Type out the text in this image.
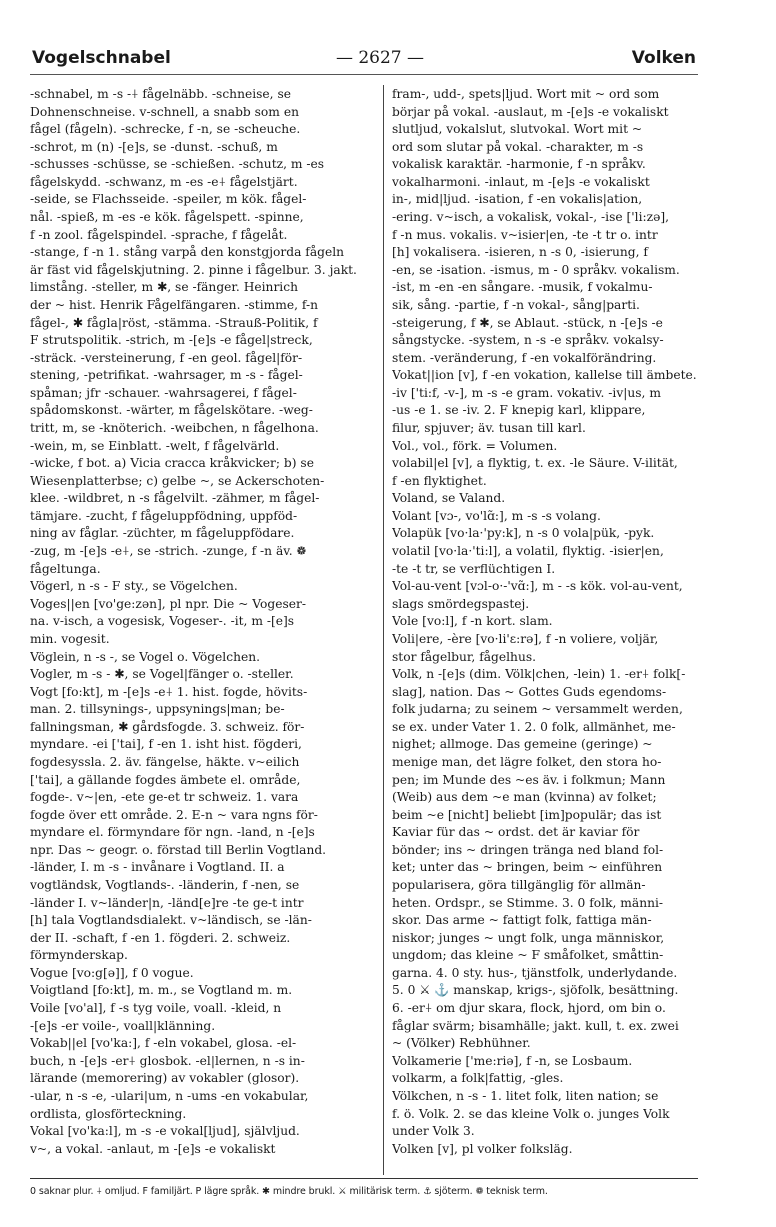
Vogelschnabel	— 2627 —	Volken
-schnabel, m -s -⍭ fågelnäbb. -schneise, se
Dohnenschneise. v-schnell, a snabb som en
fågel (fågeln). -schrecke, f -n, se -scheuche.
-schrot, m (n) -[e]s, se -dunst. -schuß, m
-schusses -schüsse, se -schießen. -schutz, m -es
fågelskydd. -schwanz, m -es -e⍭ fågelstjärt.
-seide, se Flachsseide. -speiler, m kök. fågel-
nål. -spieß, m -es -e kök. fågelspett. -spinne,
f -n zool. fågelspindel. -sprache, f fågelåt.
-stange, f -n 1. stång varpå den konstgjorda fågeln
är fäst vid fågelskjutning. 2. pinne i fågelbur. 3. jakt.
limstång. -steller, m ✱, se -fänger. Heinrich
der ~ hist. Henrik Fågelfängaren. -stimme, f-n
fågel-, ✱ fågla|röst, -stämma. -Strauß-Politik, f
F strutspolitik. -strich, m -[e]s -e fågel|streck,
-sträck. -versteinerung, f -en geol. fågel|för-
stening, -petrifikat. -wahrsager, m -s - fågel-
spåman; jfr -schauer. -wahrsagerei, f fågel-
spådomskonst. -wärter, m fågelskötare. -weg-
tritt, m, se -knöterich. -weibchen, n fågelhona.
-wein, m, se Einblatt. -welt, f fågelvärld.
-wicke, f bot. a) Vicia cracca kråkvicker; b) se
Wiesenplatterbse; c) gelbe ~, se Ackerschoten-
klee. -wildbret, n -s fågelvilt. -zähmer, m fågel-
tämjare. -zucht, f fågeluppfödning, uppföd-
ning av fåglar. -züchter, m fågeluppfödare.
-zug, m -[e]s -e⍭, se -strich. -zunge, f -n äv. ❁
fågeltunga.
Vögerl, n -s - F sty., se Vögelchen.
Voges||en [vo'ge:zən], pl npr. Die ~ Vogeser-
na. v-isch, a vogesisk, Vogeser-. -it, m -[e]s
min. vogesit.
Vöglein, n -s -, se Vogel o. Vögelchen.
Vogler, m -s - ✱, se Vogel|fänger o. -steller.
Vogt [fo:kt], m -[e]s -e⍭ 1. hist. fogde, hövits-
man. 2. tillsynings-, uppsynings|man; be-
fallningsman, ✱ gårdsfogde. 3. schweiz. för-
myndare. -ei ['tai], f -en 1. isht hist. fögderi,
fogdesyssla. 2. äv. fängelse, häkte. v~eilich
['tai], a gällande fogdes ämbete el. område,
fogde-. v~|en, -ete ge-et tr schweiz. 1. vara
fogde över ett område. 2. E-n ~ vara ngns för-
myndare el. förmyndare för ngn. -land, n -[e]s
npr. Das ~ geogr. o. förstad till Berlin Vogtland.
-länder, I. m -s - invånare i Vogtland. II. a
vogtländsk, Vogtlands-. -länderin, f -nen, se
-länder I. v~länder|n, -länd[e]re -te ge-t intr
[h] tala Vogtlandsdialekt. v~ländisch, se -län-
der II. -schaft, f -en 1. fögderi. 2. schweiz.
förmynderskap.
Vogue [vo:g[ə]], f 0 vogue.
Voigtland [fo:kt], m. m., se Vogtland m. m.
Voile [vo'al], f -s tyg voile, voall. -kleid, n
-[e]s -er voile-, voall|klänning.
Vokab||el [vo'ka:], f -eln vokabel, glosa. -el-
buch, n -[e]s -er⍭ glosbok. -el|lernen, n -s in-
lärande (memorering) av vokabler (glosor).
-ular, n -s -e, -ulari|um, n -ums -en vokabular,
ordlista, glosförteckning.
Vokal [vo'ka:l], m -s -e vokal[ljud], självljud.
v~, a vokal. -anlaut, m -[e]s -e vokaliskt
fram-, udd-, spets|ljud. Wort mit ~ ord som
börjar på vokal. -auslaut, m -[e]s -e vokaliskt
slutljud, vokalslut, slutvokal. Wort mit ~
ord som slutar på vokal. -charakter, m -s
vokalisk karaktär. -harmonie, f -n språkv.
vokalharmoni. -inlaut, m -[e]s -e vokaliskt
in-, mid|ljud. -isation, f -en vokalis|ation,
-ering. v~isch, a vokalisk, vokal-, -ise ['li:zə],
f -n mus. vokalis. v~isier|en, -te -t tr o. intr
[h] vokalisera. -isieren, n -s 0, -isierung, f
-en, se -isation. -ismus, m - 0 språkv. vokalism.
-ist, m -en -en sångare. -musik, f vokalmu-
sik, sång. -partie, f -n vokal-, sång|parti.
-steigerung, f ✱, se Ablaut. -stück, n -[e]s -e
sångstycke. -system, n -s -e språkv. vokalsy-
stem. -veränderung, f -en vokalförändring.
Vokat||ion [v], f -en vokation, kallelse till ämbete.
-iv ['ti:f, -v-], m -s -e gram. vokativ. -iv|us, m
-us -e 1. se -iv. 2. F knepig karl, klippare,
filur, spjuver; äv. tusan till karl.
Vol., vol., förk. = Volumen.
volabil|el [v], a flyktig, t. ex. -le Säure. V-ilität,
f -en flyktighet.
Voland, se Valand.
Volant [vɔ-, vo'lɑ̃:], m -s -s volang.
Volapük [vo·la·'py:k], n -s 0 vola|pük, -pyk.
volatil [vo·la·'ti:l], a volatil, flyktig. -isier|en,
-te -t tr, se verflüchtigen I.
Vol-au-vent [vɔl-o·-'vɑ̃:], m - -s kök. vol-au-vent,
slags smördegspastej.
Vole [vo:l], f -n kort. slam.
Voli|ere, -ère [vo·li'ɛ:rə], f -n voliere, voljär,
stor fågelbur, fågelhus.
Volk, n -[e]s (dim. Völk|chen, -lein) 1. -er⍭ folk[-
slag], nation. Das ~ Gottes Guds egendoms-
folk judarna; zu seinem ~ versammelt werden,
se ex. under Vater 1. 2. 0 folk, allmänhet, me-
nighet; allmoge. Das gemeine (geringe) ~
menige man, det lägre folket, den stora ho-
pen; im Munde des ~es äv. i folkmun; Mann
(Weib) aus dem ~e man (kvinna) av folket;
beim ~e [nicht] beliebt [im]populär; das ist
Kaviar für das ~ ordst. det är kaviar för
bönder; ins ~ dringen tränga ned bland fol-
ket; unter das ~ bringen, beim ~ einführen
popularisera, göra tillgänglig för allmän-
heten. Ordspr., se Stimme. 3. 0 folk, männi-
skor. Das arme ~ fattigt folk, fattiga män-
niskor; junges ~ ungt folk, unga människor,
ungdom; das kleine ~ F småfolket, småttin-
garna. 4. 0 sty. hus-, tjänstfolk, underlydande.
5. 0 ⚔ ⚓ manskap, krigs-, sjöfolk, besättning.
6. -er⍭ om djur skara, flock, hjord, om bin o.
fåglar svärm; bisamhälle; jakt. kull, t. ex. zwei
~ (Völker) Rebhühner.
Volkamerie ['me:riə], f -n, se Losbaum.
volkarm, a folk|fattig, -gles.
Völkchen, n -s - 1. litet folk, liten nation; se
f. ö. Volk. 2. se das kleine Volk o. junges Volk
under Volk 3.
Volken [v], pl volker folksläg.
0 saknar plur. ⍭ omljud. F familjärt. P lägre språk. ✱ mindre brukl. ⚔ militärisk term. ⚓ sjöterm. ❁ teknisk term.
